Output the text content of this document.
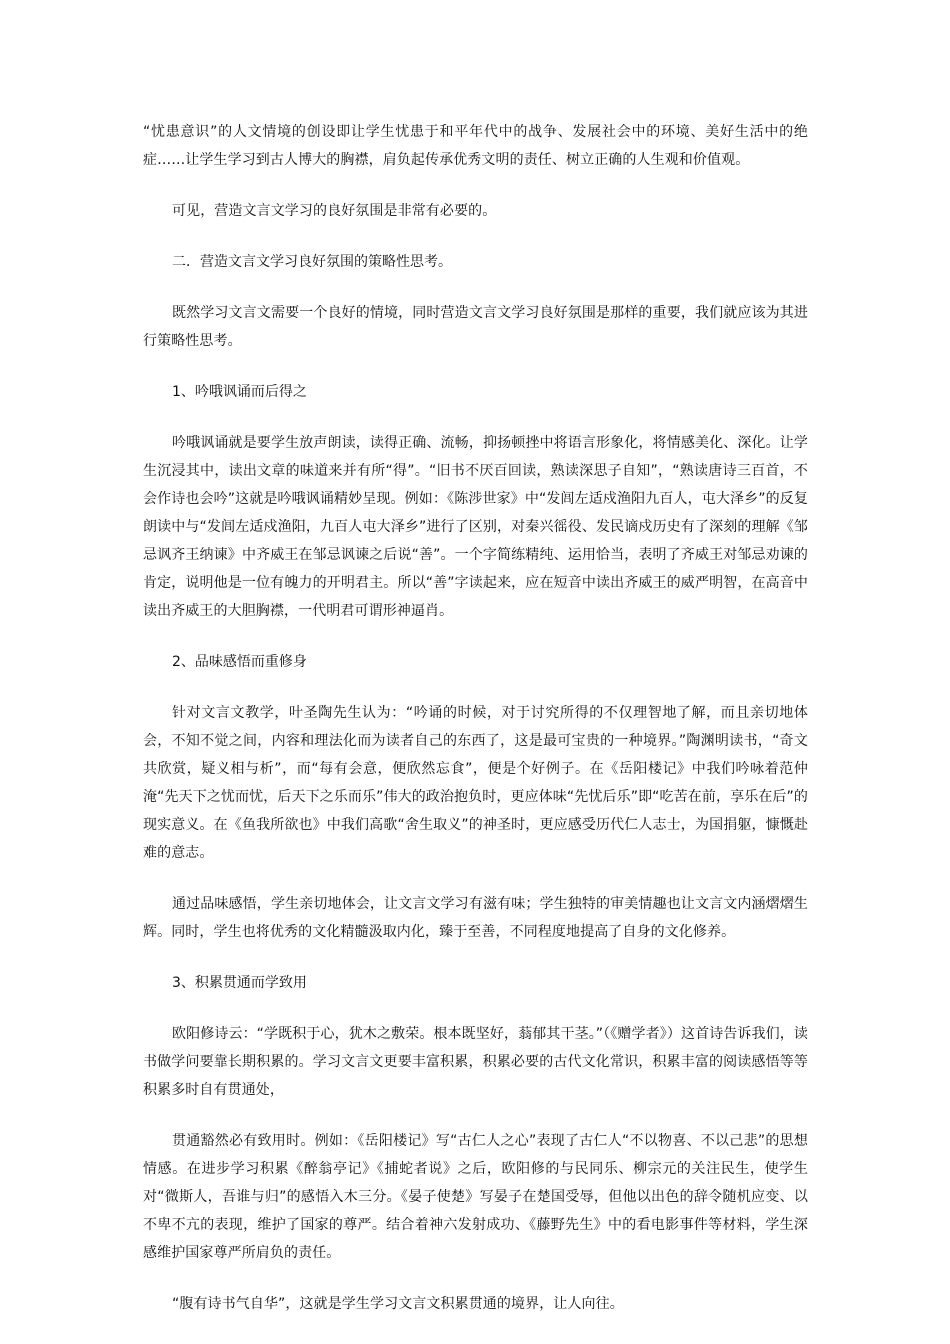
“忧患意识”的人文情境的创设即让学生忧患于和平年代中的战争、发展社会中的环境、美好生活中的绝症……让学生学习到古人博大的胸襟，肩负起传承优秀文明的责任、树立正确的人生观和价值观。

可见，营造文言文学习的良好氛围是非常有必要的。

二．营造文言文学习良好氛围的策略性思考。

既然学习文言文需要一个良好的情境，同时营造文言文学习良好氛围是那样的重要，我们就应该为其进行策略性思考。

1、吟哦讽诵而后得之

吟哦讽诵就是要学生放声朗读，读得正确、流畅，抑扬顿挫中将语言形象化，将情感美化、深化。让学生沉浸其中，读出文章的味道来并有所“得”。“旧书不厌百回读，熟读深思子自知”，“熟读唐诗三百首，不会作诗也会吟”这就是吟哦讽诵精妙呈现。例如：《陈涉世家》中“发闾左适戍渔阳九百人，屯大泽乡”的反复朗读中与“发闾左适戍渔阳，九百人屯大泽乡”进行了区别，对秦兴徭役、发民谪戍历史有了深刻的理解《邹忌讽齐王纳谏》中齐威王在邹忌讽谏之后说“善”。一个字简练精纯、运用恰当，表明了齐威王对邹忌劝谏的肯定，说明他是一位有魄力的开明君主。所以“善”字读起来，应在短音中读出齐威王的威严明智，在高音中读出齐威王的大胆胸襟，一代明君可谓形神逼肖。

2、品味感悟而重修身

针对文言文教学，叶圣陶先生认为：“吟诵的时候，对于讨究所得的不仅理智地了解，而且亲切地体会，不知不觉之间，内容和理法化而为读者自己的东西了，这是最可宝贵的一种境界。”陶渊明读书，“奇文共欣赏，疑义相与析”，而“每有会意，便欣然忘食”，便是个好例子。在《岳阳楼记》中我们吟咏着范仲淹“先天下之忧而忧，后天下之乐而乐”伟大的政治抱负时，更应体味“先忧后乐”即“吃苦在前，享乐在后”的现实意义。在《鱼我所欲也》中我们高歌“舍生取义”的神圣时，更应感受历代仁人志士，为国捐躯，慷慨赴难的意志。

通过品味感悟，学生亲切地体会，让文言文学习有滋有味；学生独特的审美情趣也让文言文内涵熠熠生辉。同时，学生也将优秀的文化精髓汲取内化，臻于至善，不同程度地提高了自身的文化修养。

3、积累贯通而学致用

欧阳修诗云：“学既积于心，犹木之敷荣。根本既坚好，蓊郁其干茎。”（《赠学者》）这首诗告诉我们，读书做学问要靠长期积累的。学习文言文更要丰富积累，积累必要的古代文化常识，积累丰富的阅读感悟等等积累多时自有贯通处，

贯通豁然必有致用时。例如：《岳阳楼记》写“古仁人之心”表现了古仁人“不以物喜、不以己悲”的思想情感。在进步学习积累《醉翁亭记》《捕蛇者说》之后，欧阳修的与民同乐、柳宗元的关注民生，使学生对“微斯人，吾谁与归”的感悟入木三分。《晏子使楚》写晏子在楚国受辱，但他以出色的辞令随机应变、以不卑不亢的表现，维护了国家的尊严。结合着神六发射成功、《藤野先生》中的看电影事件等材料，学生深感维护国家尊严所肩负的责任。

“腹有诗书气自华”，这就是学生学习文言文积累贯通的境界，让人向往。
